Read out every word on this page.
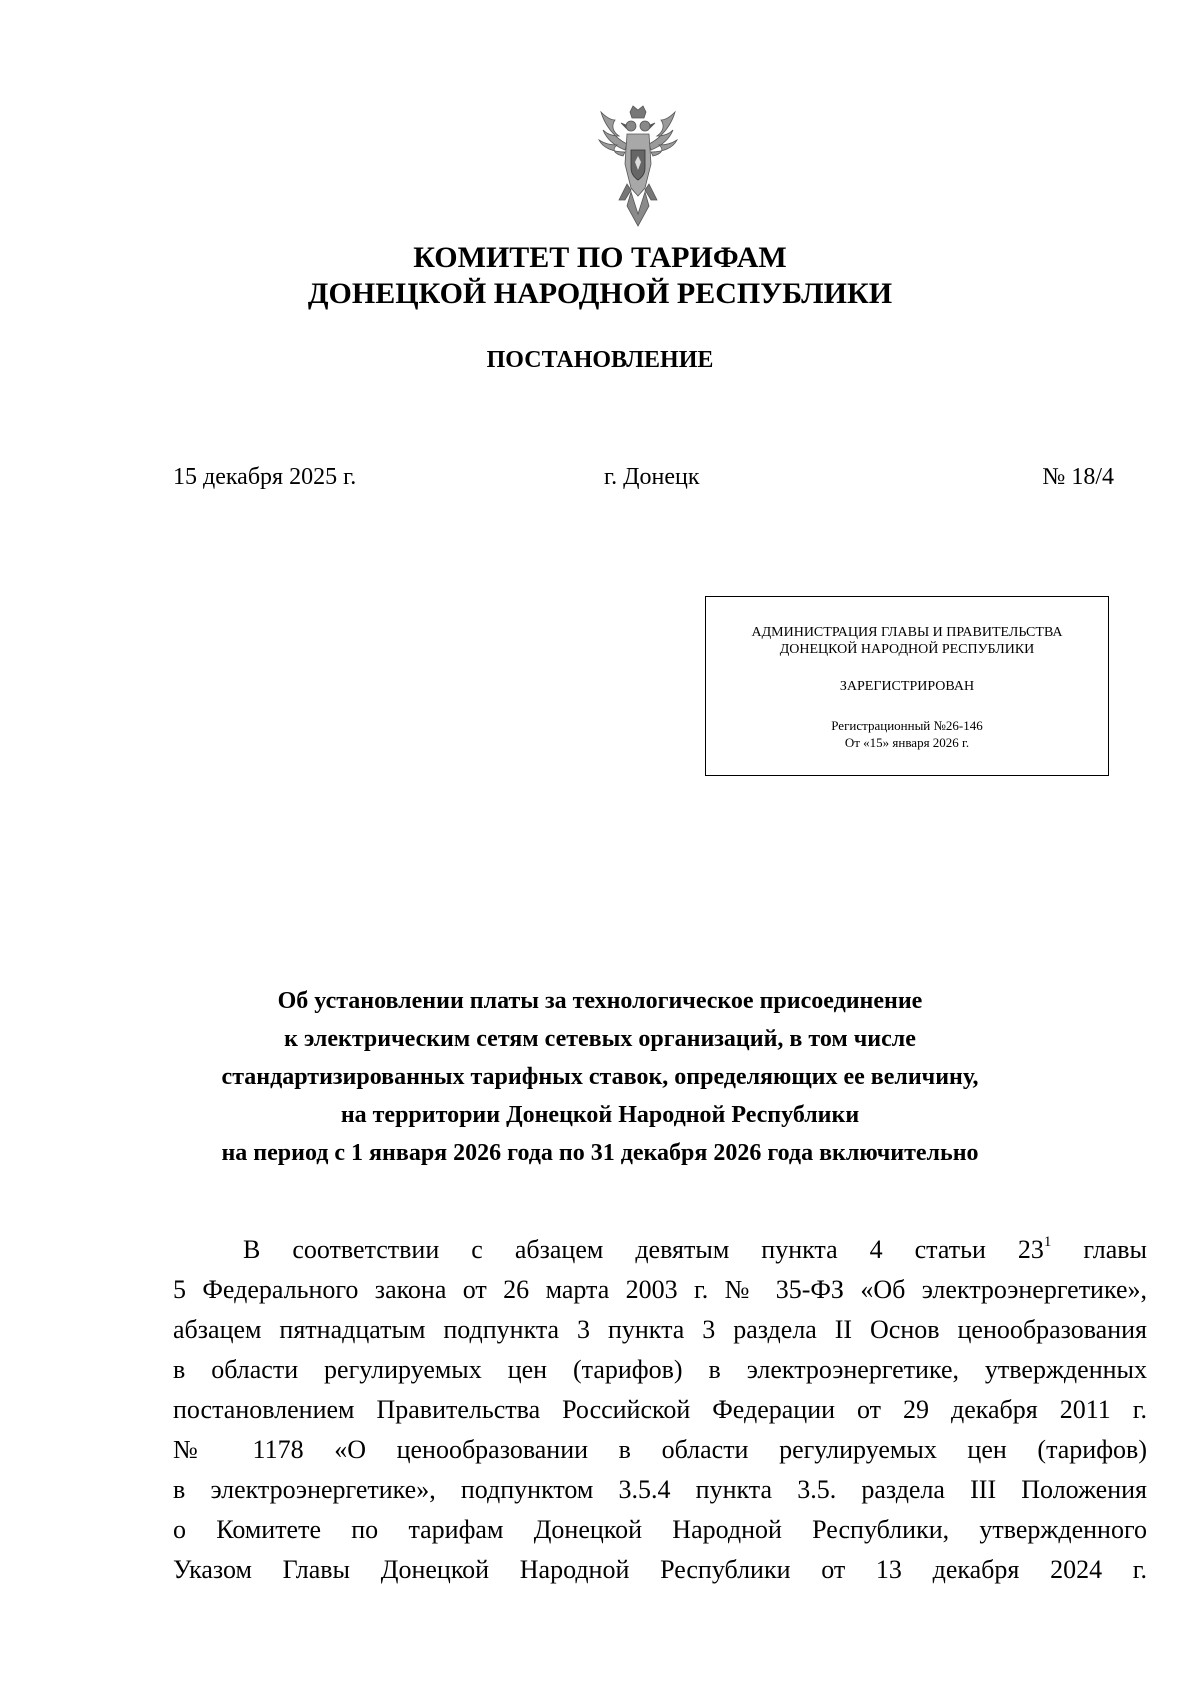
КОМИТЕТ ПО ТАРИФАМ
ДОНЕЦКОЙ НАРОДНОЙ РЕСПУБЛИКИ
ПОСТАНОВЛЕНИЕ
15 декабря 2025 г.	г. Донецк	№ 18/4
АДМИНИСТРАЦИЯ ГЛАВЫ И ПРАВИТЕЛЬСТВА
ДОНЕЦКОЙ НАРОДНОЙ РЕСПУБЛИКИ
ЗАРЕГИСТРИРОВАН
Регистрационный №26-146
От «15» января 2026 г.
Об установлении платы за технологическое присоединение
к электрическим сетям сетевых организаций, в том числе
стандартизированных тарифных ставок, определяющих ее величину,
на территории Донецкой Народной Республики
на период с 1 января 2026 года по 31 декабря 2026 года включительно
В соответствии с абзацем девятым пункта 4 статьи $23^1$ главы
5 Федерального закона от 26 марта 2003 г. № 35-ФЗ «Об электроэнергетике»,
абзацем пятнадцатым подпункта 3 пункта 3 раздела II Основ ценообразования
в области регулируемых цен (тарифов) в электроэнергетике, утвержденных
постановлением Правительства Российской Федерации от 29 декабря 2011 г.
№ 1178 «О ценообразовании в области регулируемых цен (тарифов)
в электроэнергетике», подпунктом 3.5.4 пункта 3.5. раздела III Положения
о Комитете по тарифам Донецкой Народной Республики, утвержденного
Указом Главы Донецкой Народной Республики от 13 декабря 2024 г.
